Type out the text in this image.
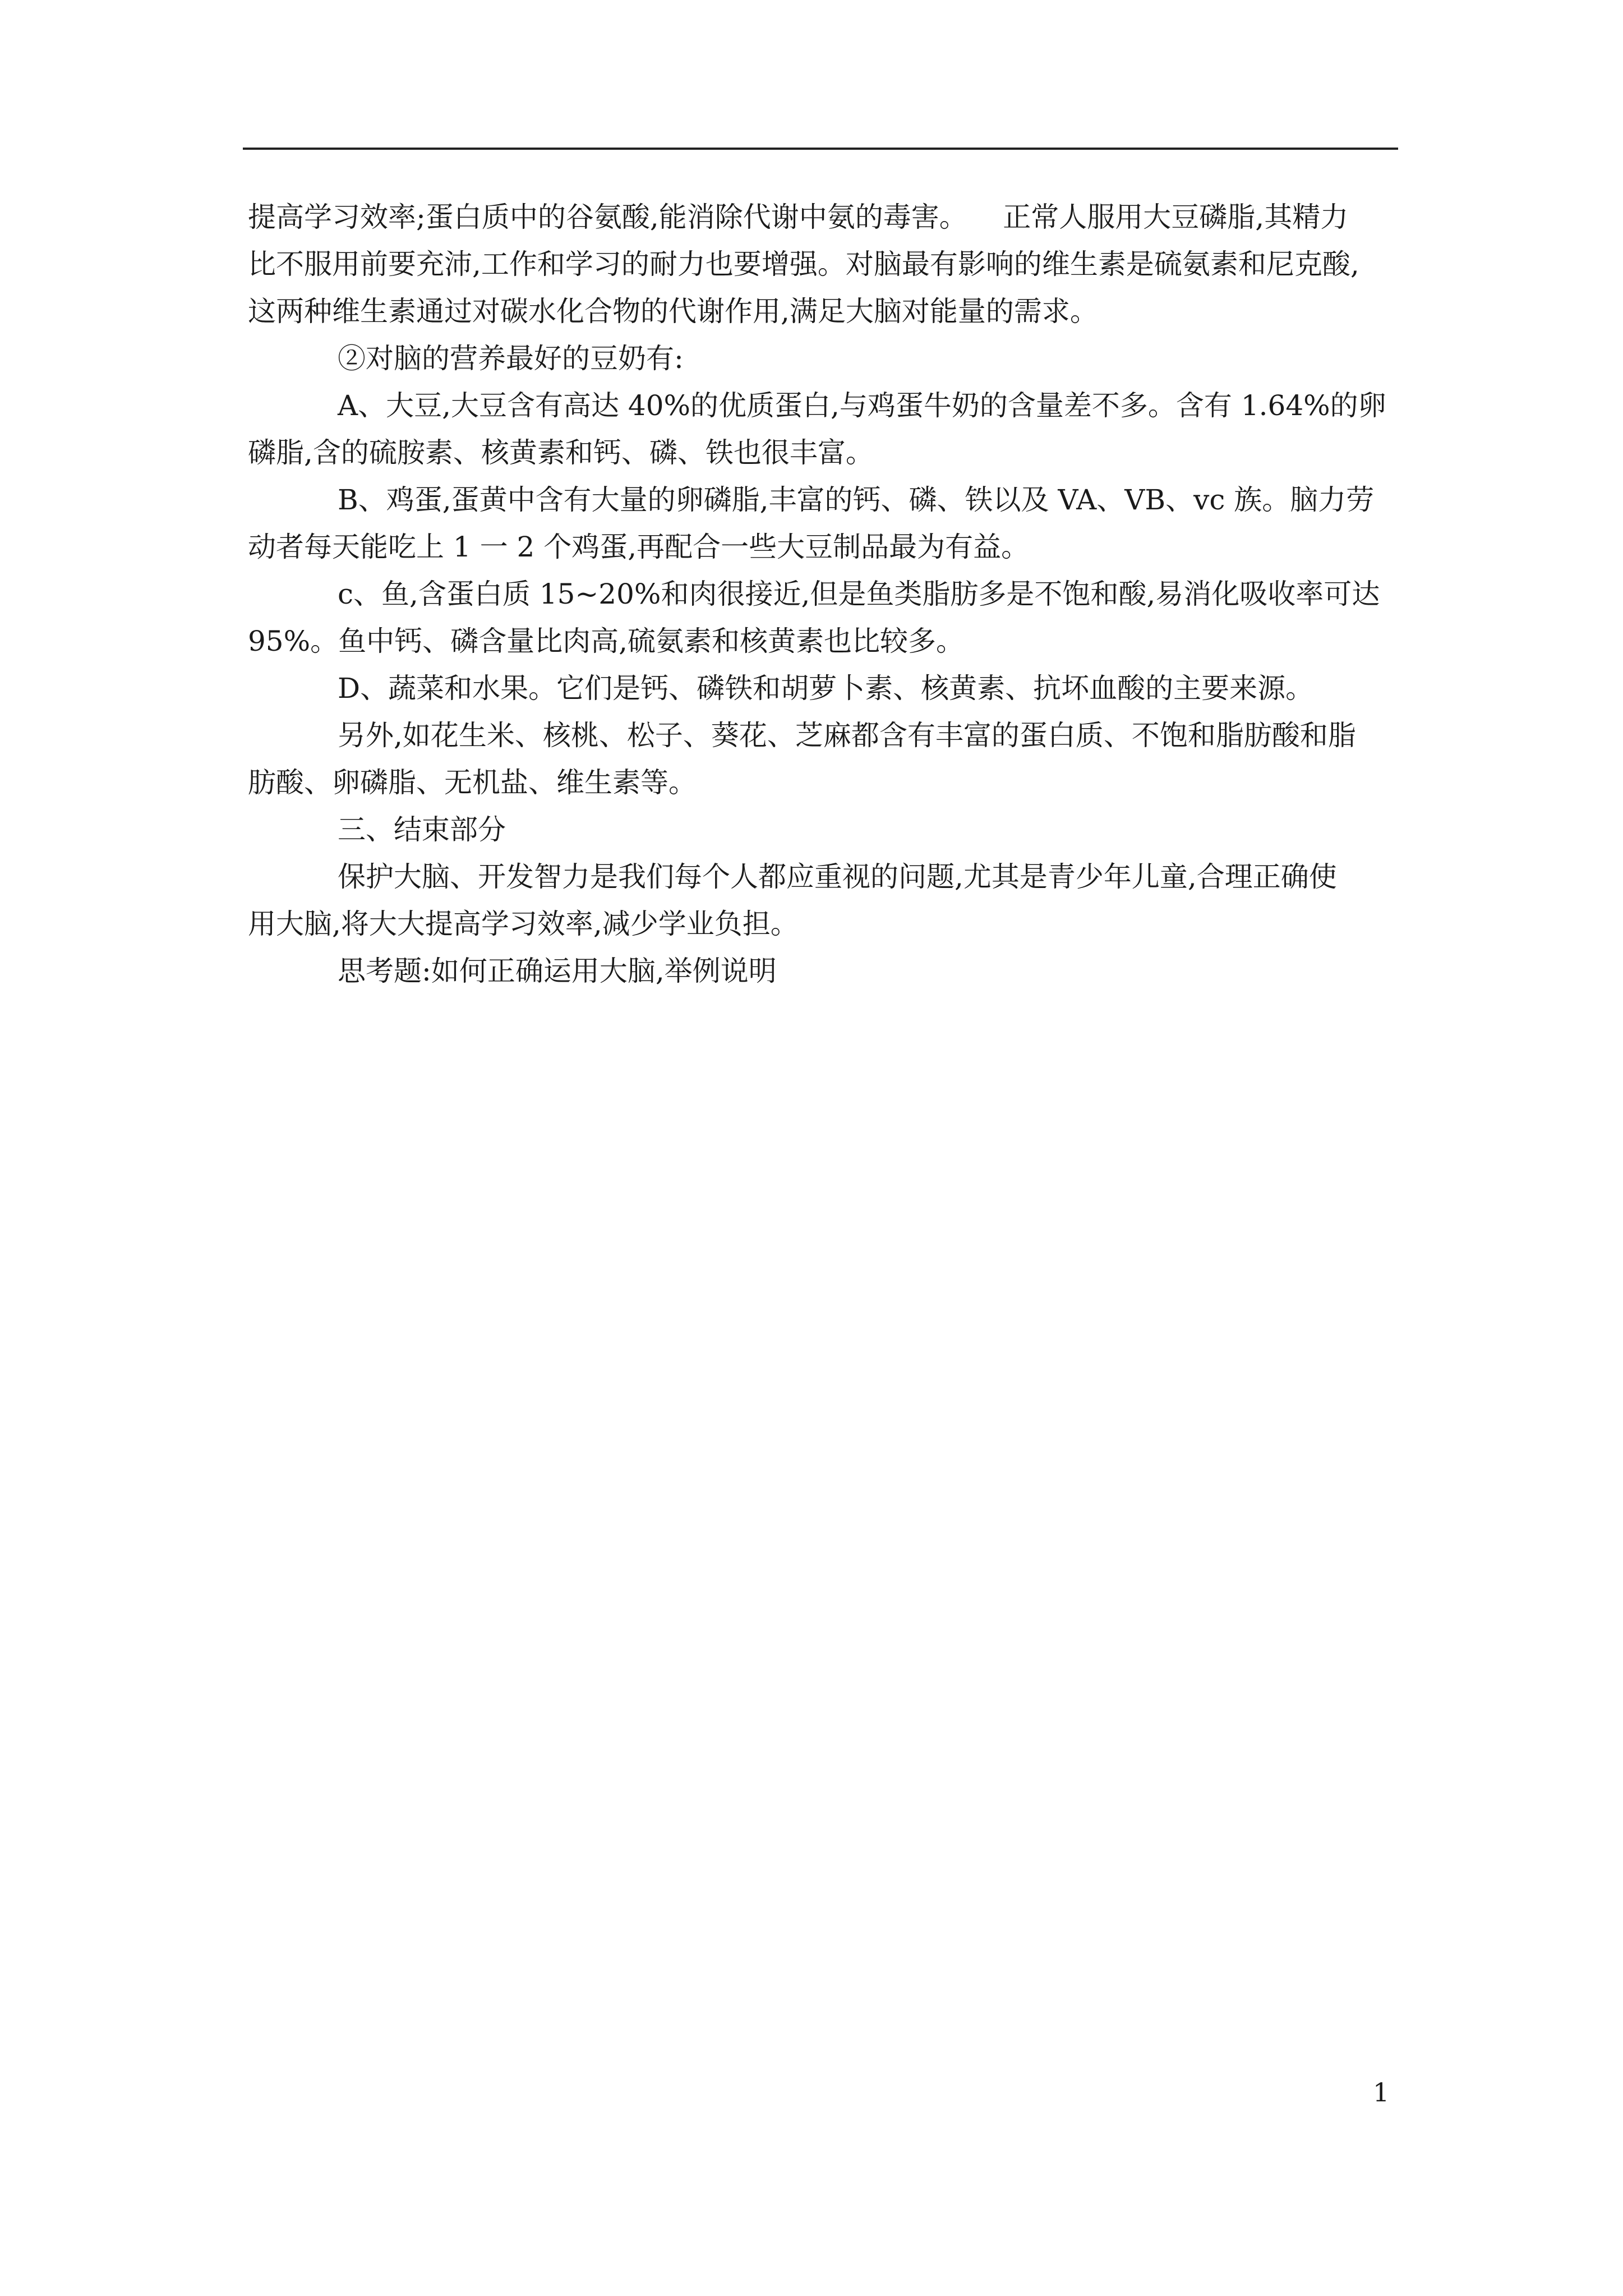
提高学习效率;蛋白质中的谷氨酸,能消除代谢中氨的毒害。    正常人服用大豆磷脂,其精力
比不服用前要充沛,工作和学习的耐力也要增强。对脑最有影响的维生素是硫氨素和尼克酸,
这两种维生素通过对碳水化合物的代谢作用,满足大脑对能量的需求。
②对脑的营养最好的豆奶有:
A、大豆,大豆含有高达 40%的优质蛋白,与鸡蛋牛奶的含量差不多。含有 1.64%的卵
磷脂,含的硫胺素、核黄素和钙、磷、铁也很丰富。
B、鸡蛋,蛋黄中含有大量的卵磷脂,丰富的钙、磷、铁以及 VA、VB、vc 族。脑力劳
动者每天能吃上 1 一 2 个鸡蛋,再配合一些大豆制品最为有益。
c、鱼,含蛋白质 15~20%和肉很接近,但是鱼类脂肪多是不饱和酸,易消化吸收率可达
95%。鱼中钙、磷含量比肉高,硫氨素和核黄素也比较多。
D、蔬菜和水果。它们是钙、磷铁和胡萝卜素、核黄素、抗坏血酸的主要来源。
另外,如花生米、核桃、松子、葵花、芝麻都含有丰富的蛋白质、不饱和脂肪酸和脂
肪酸、卵磷脂、无机盐、维生素等。
三、结束部分
保护大脑、开发智力是我们每个人都应重视的问题,尤其是青少年儿童,合理正确使
用大脑,将大大提高学习效率,减少学业负担。
思考题:如何正确运用大脑,举例说明
1
